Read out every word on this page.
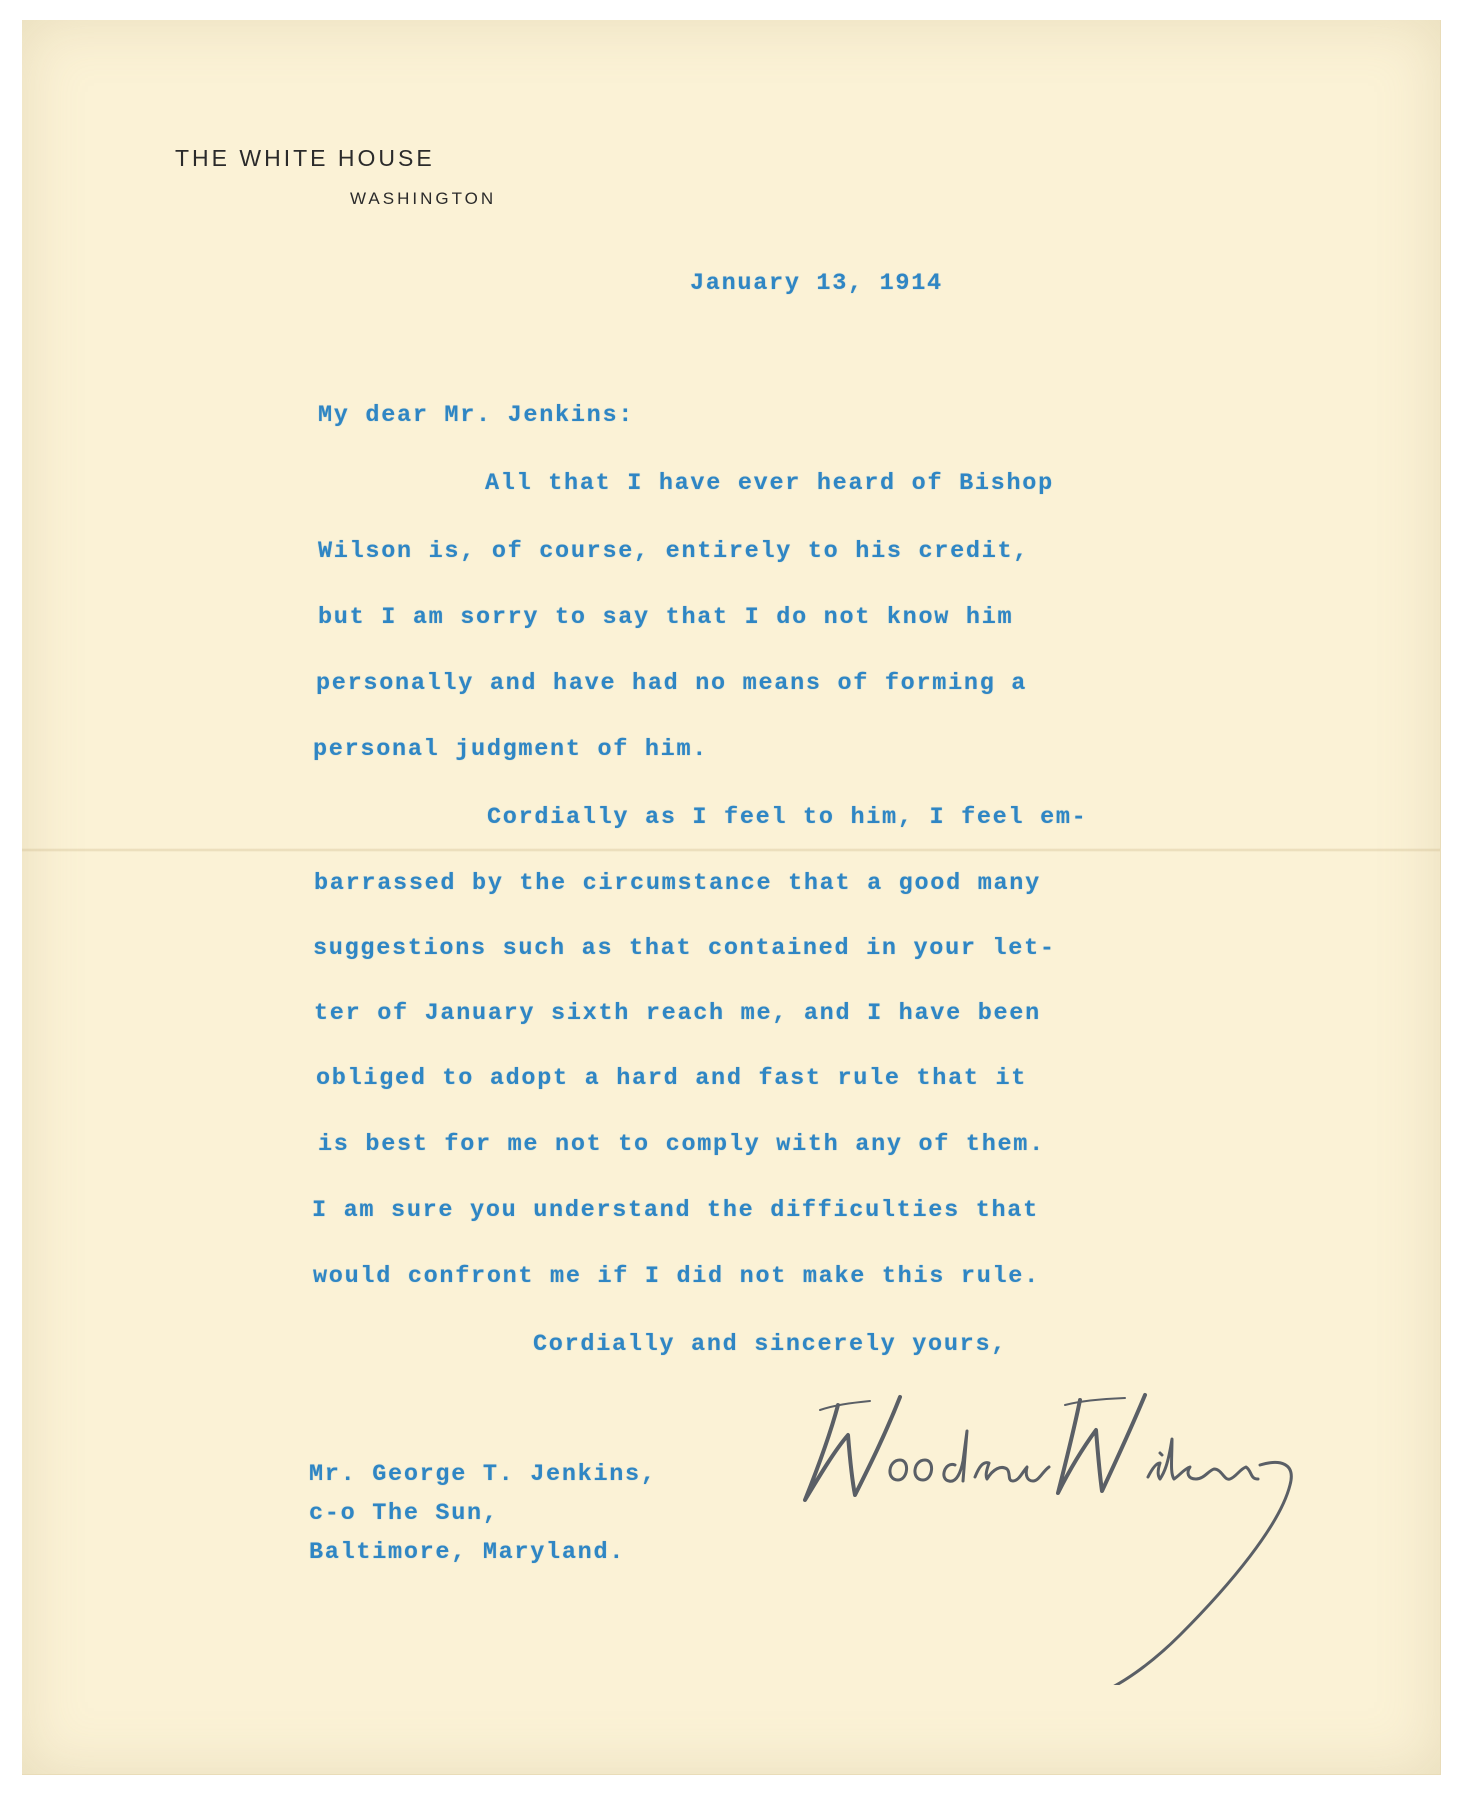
THE WHITE HOUSE
WASHINGTON
January 13, 1914
My dear Mr. Jenkins:
All that I have ever heard of Bishop
Wilson is, of course, entirely to his credit,
but I am sorry to say that I do not know him
personally and have had no means of forming a
personal judgment of him.
Cordially as I feel to him, I feel em-
barrassed by the circumstance that a good many
suggestions such as that contained in your let-
ter of January sixth reach me, and I have been
obliged to adopt a hard and fast rule that it
is best for me not to comply with any of them.
I am sure you understand the difficulties that
would confront me if I did not make this rule.
Cordially and sincerely yours,
Mr. George T. Jenkins,
c-o The Sun,
Baltimore, Maryland.
